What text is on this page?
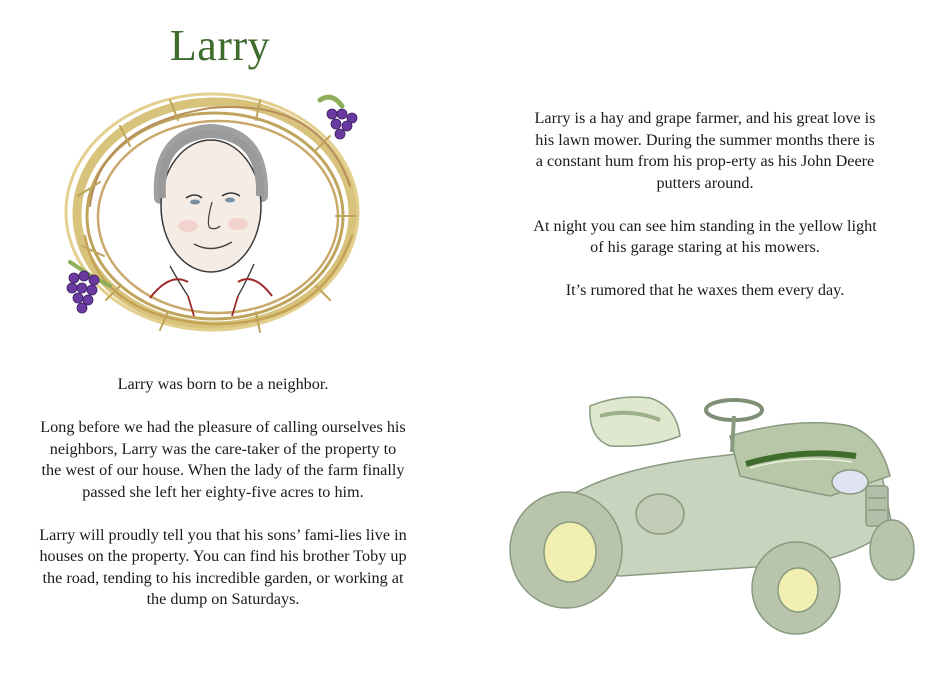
Larry

Larry was born to be a neighbor.

Long before we had the pleasure of calling ourselves his neighbors, Larry was the care-taker of the property to the west of our house. When the lady of the farm finally passed she left her eighty-five acres to him.

Larry will proudly tell you that his sons’ fami-lies live in houses on the property. You can find his brother Toby up the road, tending to his incredible garden, or working at the dump on Saturdays.

Larry is a hay and grape farmer, and his great love is his lawn mower. During the summer months there is a constant hum from his prop-erty as his John Deere putters around.

At night you can see him standing in the yellow light of his garage staring at his mowers.

It’s rumored that he waxes them every day.
